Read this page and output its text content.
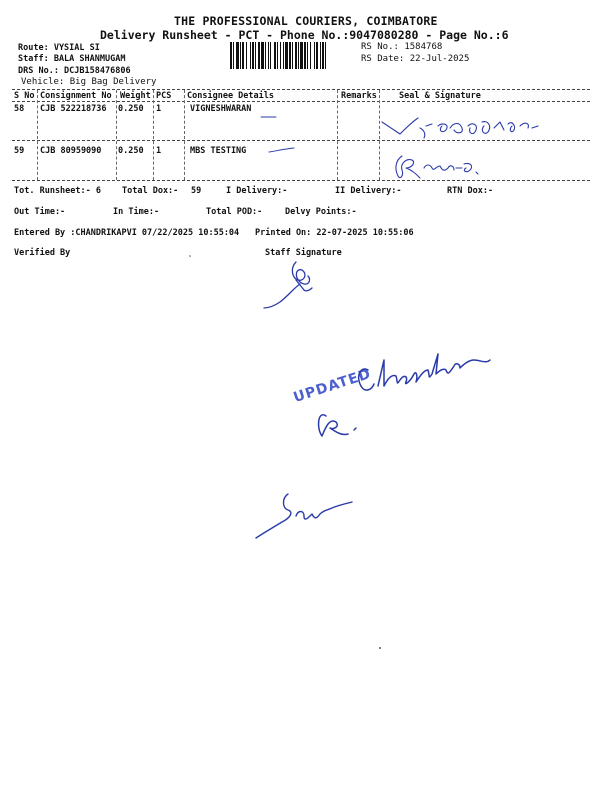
THE PROFESSIONAL COURIERS, COIMBATORE
Delivery Runsheet - PCT - Phone No.:9047080280 - Page No.:6
Route: VYSIAL SI
Staff: BALA SHANMUGAM
DRS No.: DCJB158476806
Vehicle: Big Bag Delivery
RS No.: 1584768
RS Date: 22-Jul-2025
S No Consignment No Weight PCS Consignee Details	Remarks	Seal & Signature
58 CJB 522218736 0.250 1	VIGNESHWARAN
59 CJB 80959090 0.250 1	MBS TESTING
Tot. Runsheet:- 6 Total Dox:- 59	I Delivery:-	II Delivery:-	RTN Dox:-
Out Time:-	In Time:-	Total POD:-	Delvy Points:-
Entered By :CHANDRIKAPVI 07/22/2025 10:55:04 Printed On: 22-07-2025 10:55:06
Verified By	Staff Signature
UPDATED
